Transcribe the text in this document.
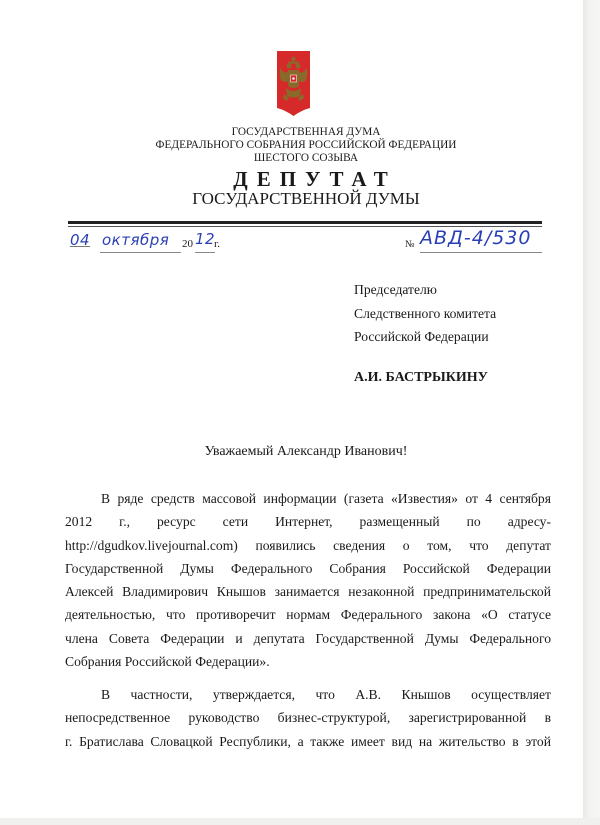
ГОСУДАРСТВЕННАЯ ДУМА
ФЕДЕРАЛЬНОГО СОБРАНИЯ РОССИЙСКОЙ ФЕДЕРАЦИИ
ШЕСТОГО СОЗЫВА
ДЕПУТАТ
ГОСУДАРСТВЕННОЙ ДУМЫ
04 октября 20 12
г.	№ АВД-4/530
Председателю
Следственного комитета
Российской Федерации
А.И. БАСТРЫКИНУ
Уважаемый Александр Иванович!
В ряде средств массовой информации (газета «Известия» от 4 сентября
2012 г., ресурс сети Интернет, размещенный по адресу-
http://dgudkov.livejournal.com) появились сведения о том, что депутат
Государственной Думы Федерального Собрания Российской Федерации
Алексей Владимирович Кнышов занимается незаконной предпринимательской
деятельностью, что противоречит нормам Федерального закона «О статусе
члена Совета Федерации и депутата Государственной Думы Федерального
Собрания Российской Федерации».
В частности, утверждается, что А.В. Кнышов осуществляет
непосредственное руководство бизнес-структурой, зарегистрированной в
г. Братислава Словацкой Республики, а также имеет вид на жительство в этой
